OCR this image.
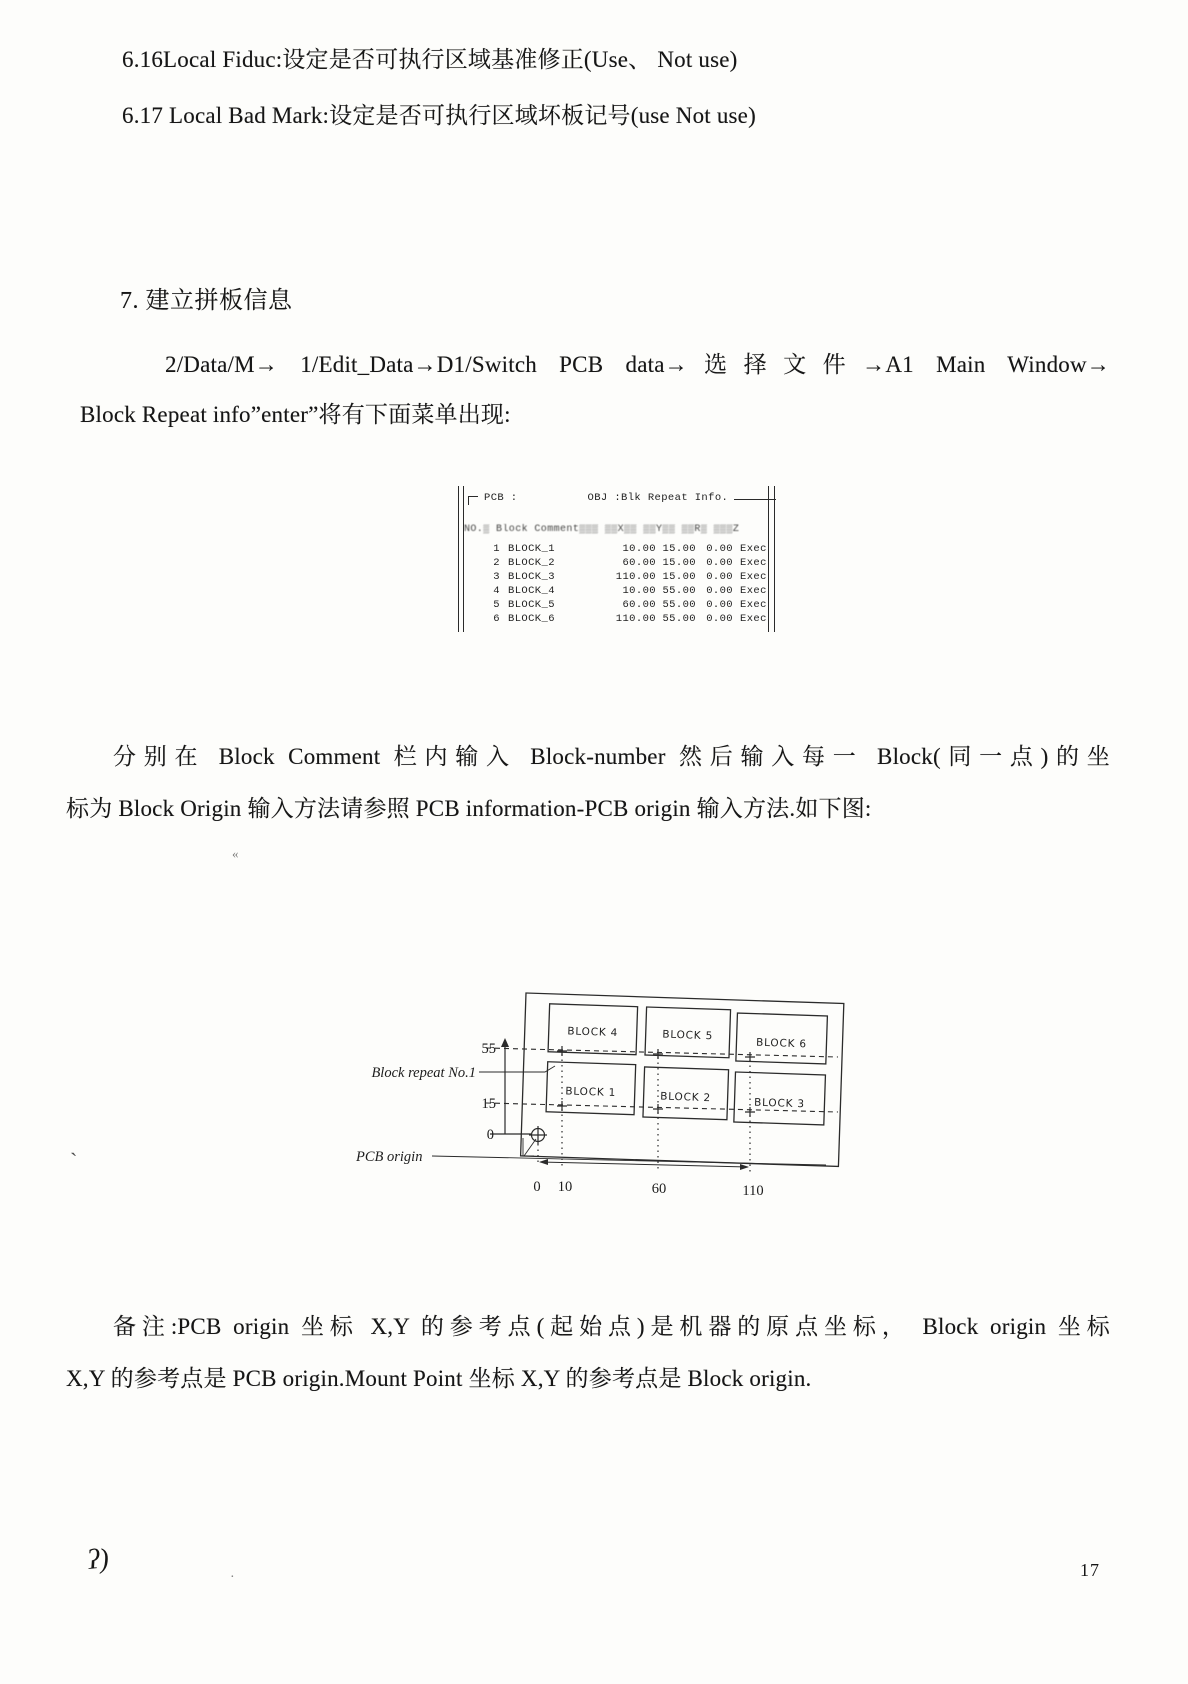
6.16Local Fiduc:设定是否可执行区域基准修正(Use、 Not use)
6.17 Local Bad Mark:设定是否可执行区域坏板记号(use Not use)
7. 建立拼板信息
2/Data/M→ 1/Edit_Data→D1/Switch PCB data→选择文件→A1 Main Window→
Block Repeat info”enter”将有下面菜单出现:
PCB :	OBJ :Blk Repeat Info.
NO.▒ Block Comment▒▒▒ ▒▒X▒▒ ▒▒Y▒▒ ▒▒R▒ ▒▒▒Z
1 BLOCK_1	10.00 15.00 0.00 Exec
2 BLOCK_2	60.00 15.00 0.00 Exec
3 BLOCK_3	110.00 15.00 0.00 Exec
4 BLOCK_4	10.00 55.00 0.00 Exec
5 BLOCK_5	60.00 55.00 0.00 Exec
6 BLOCK_6	110.00 55.00 0.00 Exec
分别在 Block Comment 栏内输入 Block-number 然后输入每一 Block(同一点)的坐
标为 Block Origin 输入方法请参照 PCB information-PCB origin 输入方法.如下图:
«
BLOCK 4	BLOCK 5
BLOCK 6
BLOCK 1	BLOCK 2	BLOCK 3
55
15
0
0 10	60	110
Block repeat No.1
PCB origin
`
备注:PCB origin 坐标 X,Y 的参考点(起始点)是机器的原点坐标， Block origin 坐标
X,Y 的参考点是 PCB origin.Mount Point 坐标 X,Y 的参考点是 Block origin.
·
ʔ)	17
